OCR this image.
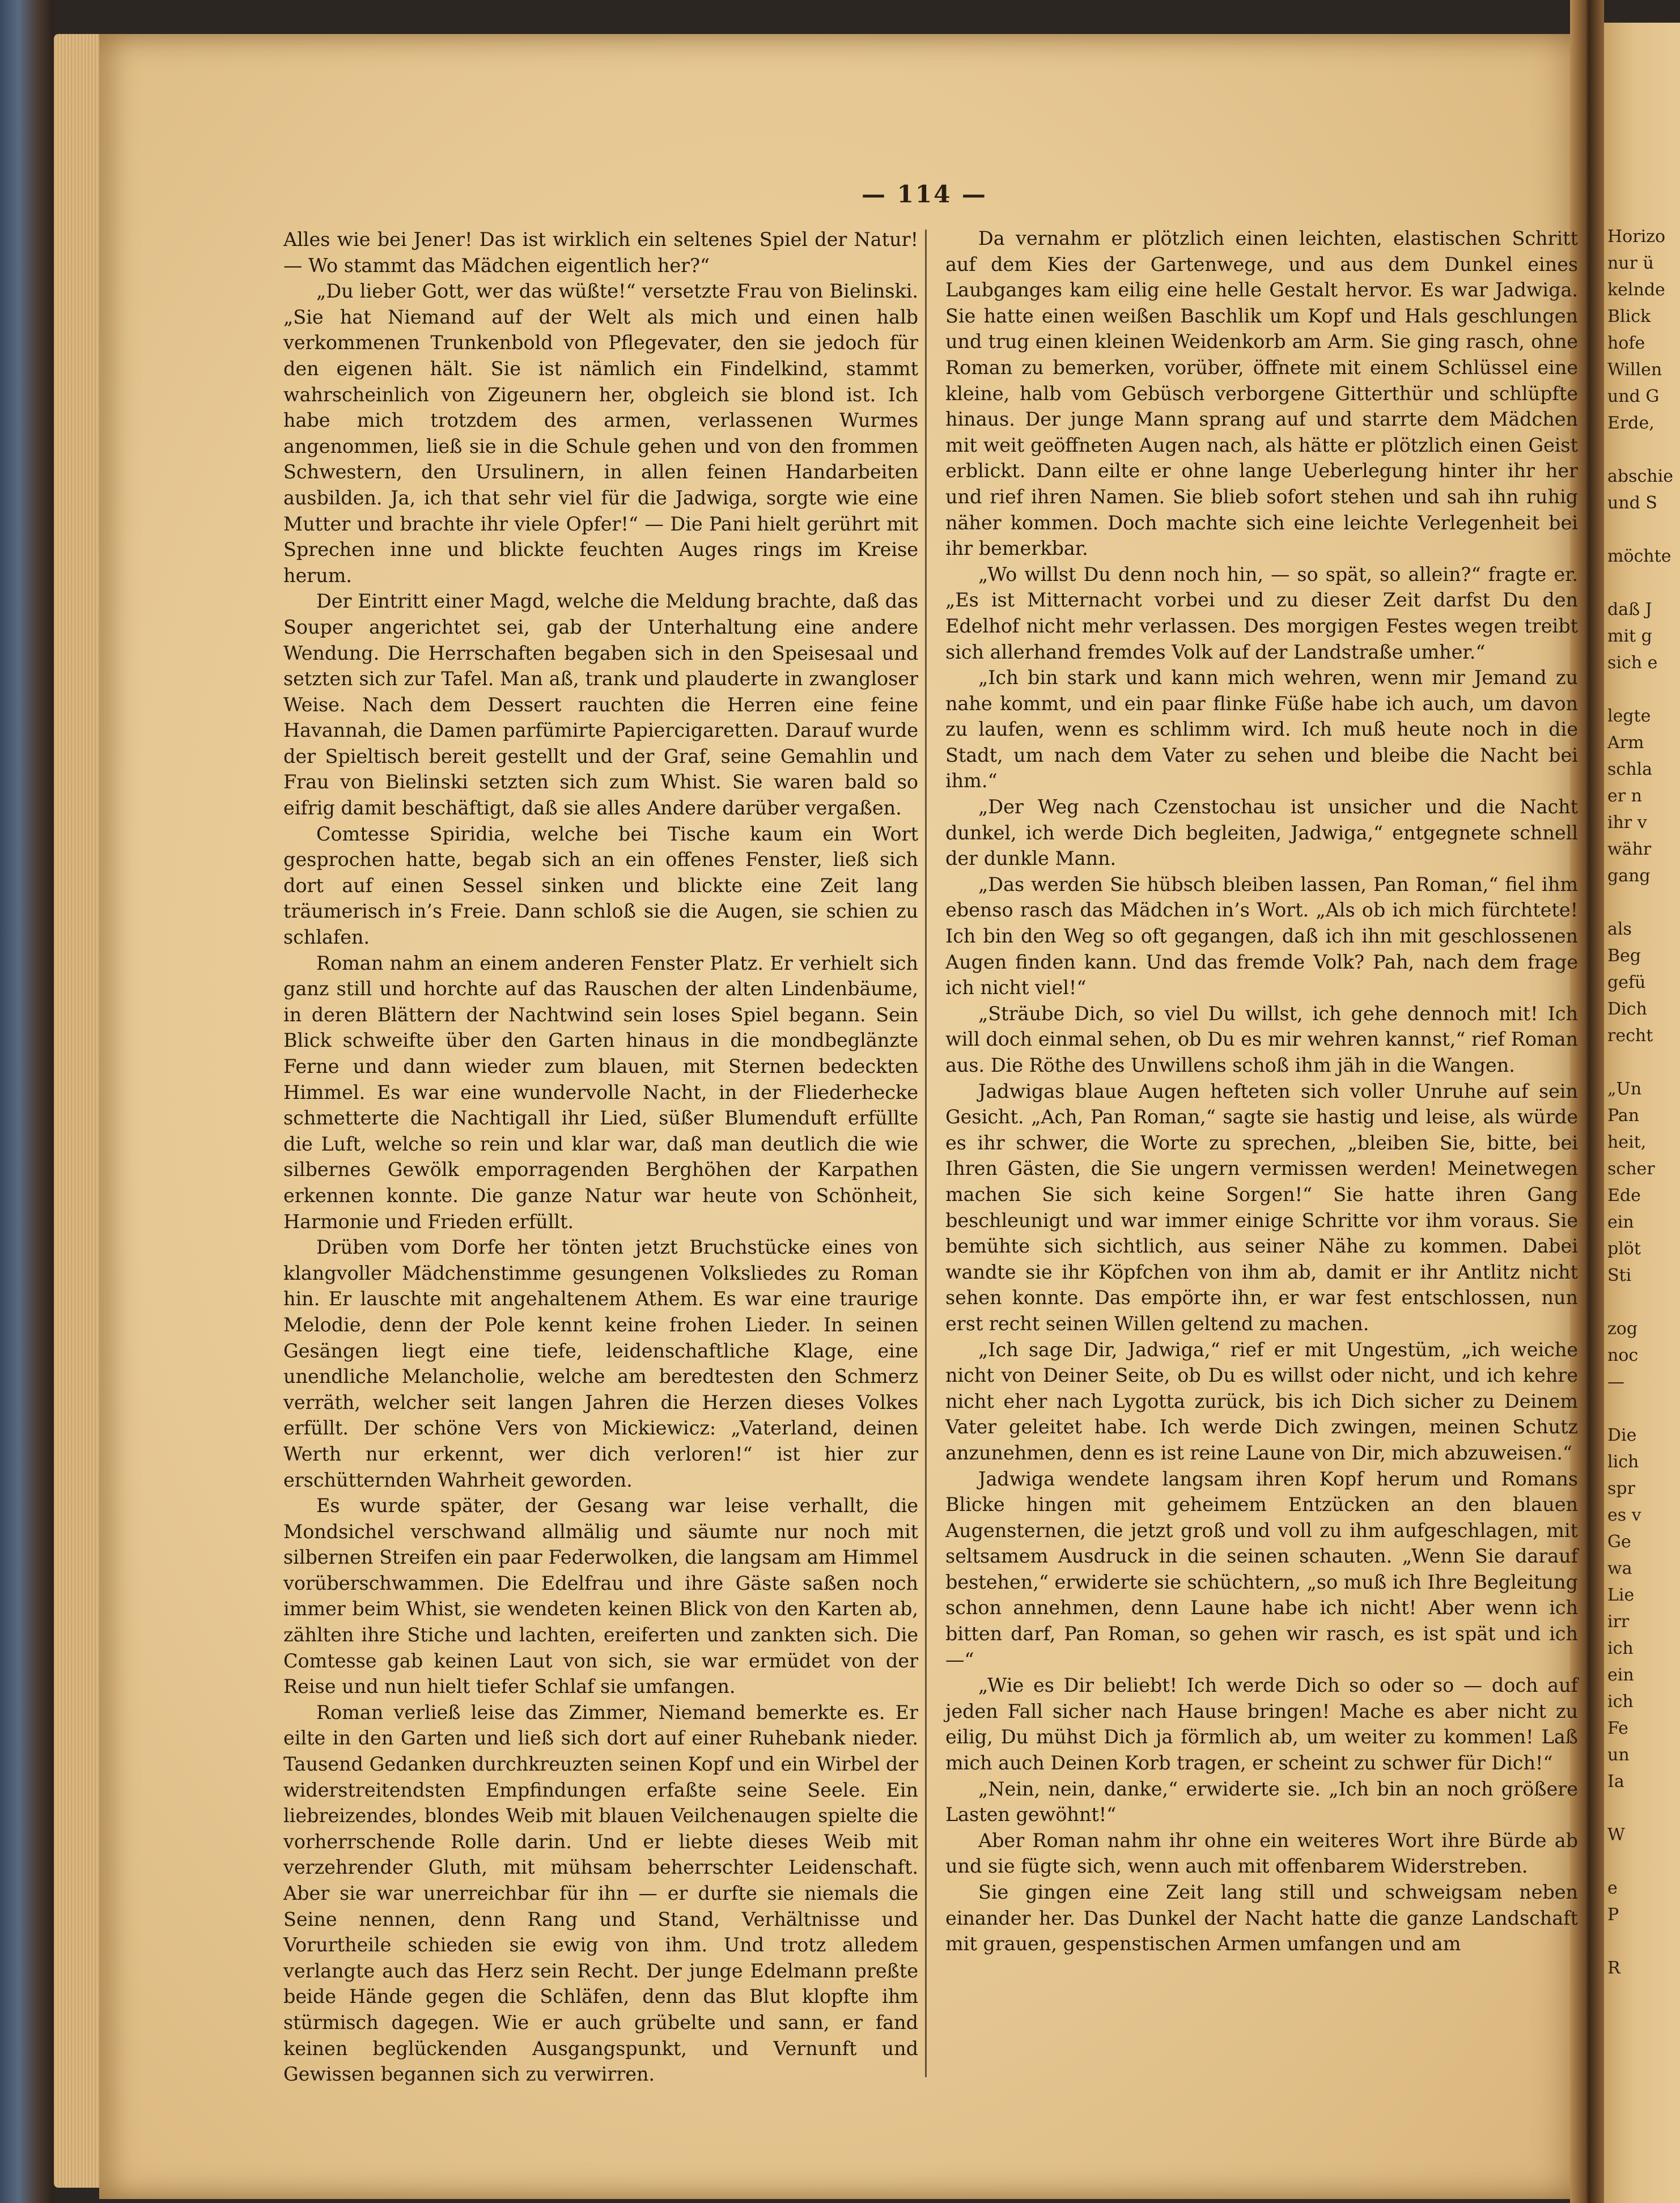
Horizo
nur ü
kelnde
Blick
hofe
Willen
und G
Erde,
abschie
und S
möchte
daß J
mit g
sich e
legte
Arm
schla
er n
ihr v
währ
gang
als
Beg
gefü
Dich
recht
„Un
Pan
heit,
scher
Ede
ein
plöt
Sti
zog
noc
—
Die
lich
spr
es v
Ge
wa
Lie
irr
ich
ein
ich
Fe
un
Ia
W
e
P
R
— 114 —

Alles wie bei Jener! Das ist wirklich ein seltenes Spiel der Natur! — Wo stammt das Mädchen eigentlich her?“

„Du lieber Gott, wer das wüßte!“ versetzte Frau von Bielinski. „Sie hat Niemand auf der Welt als mich und einen halb verkommenen Trunkenbold von Pflegevater, den sie jedoch für den eigenen hält. Sie ist nämlich ein Findelkind, stammt wahrscheinlich von Zigeunern her, obgleich sie blond ist. Ich habe mich trotzdem des armen, verlassenen Wurmes angenommen, ließ sie in die Schule gehen und von den frommen Schwestern, den Ursulinern, in allen feinen Handarbeiten ausbilden. Ja, ich that sehr viel für die Jadwiga, sorgte wie eine Mutter und brachte ihr viele Opfer!“ — Die Pani hielt gerührt mit Sprechen inne und blickte feuchten Auges rings im Kreise herum.

Der Eintritt einer Magd, welche die Meldung brachte, daß das Souper angerichtet sei, gab der Unterhaltung eine andere Wendung. Die Herrschaften begaben sich in den Speisesaal und setzten sich zur Tafel. Man aß, trank und plauderte in zwangloser Weise. Nach dem Dessert rauchten die Herren eine feine Havannah, die Damen parfümirte Papiercigaretten. Darauf wurde der Spieltisch bereit gestellt und der Graf, seine Gemahlin und Frau von Bielinski setzten sich zum Whist. Sie waren bald so eifrig damit beschäftigt, daß sie alles Andere darüber vergaßen.

Comtesse Spiridia, welche bei Tische kaum ein Wort gesprochen hatte, begab sich an ein offenes Fenster, ließ sich dort auf einen Sessel sinken und blickte eine Zeit lang träumerisch in’s Freie. Dann schloß sie die Augen, sie schien zu schlafen.

Roman nahm an einem anderen Fenster Platz. Er verhielt sich ganz still und horchte auf das Rauschen der alten Lindenbäume, in deren Blättern der Nachtwind sein loses Spiel begann. Sein Blick schweifte über den Garten hinaus in die mondbeglänzte Ferne und dann wieder zum blauen, mit Sternen bedeckten Himmel. Es war eine wundervolle Nacht, in der Fliederhecke schmetterte die Nachtigall ihr Lied, süßer Blumenduft erfüllte die Luft, welche so rein und klar war, daß man deutlich die wie silbernes Gewölk emporragenden Berghöhen der Karpathen erkennen konnte. Die ganze Natur war heute von Schönheit, Harmonie und Frieden erfüllt.

Drüben vom Dorfe her tönten jetzt Bruchstücke eines von klangvoller Mädchenstimme gesungenen Volksliedes zu Roman hin. Er lauschte mit angehaltenem Athem. Es war eine traurige Melodie, denn der Pole kennt keine frohen Lieder. In seinen Gesängen liegt eine tiefe, leidenschaftliche Klage, eine unendliche Melancholie, welche am beredtesten den Schmerz verräth, welcher seit langen Jahren die Herzen dieses Volkes erfüllt. Der schöne Vers von Mickiewicz: „Vaterland, deinen Werth nur erkennt, wer dich verloren!“ ist hier zur erschütternden Wahrheit geworden.

Es wurde später, der Gesang war leise verhallt, die Mondsichel verschwand allmälig und säumte nur noch mit silbernen Streifen ein paar Federwolken, die langsam am Himmel vorüberschwammen. Die Edelfrau und ihre Gäste saßen noch immer beim Whist, sie wendeten keinen Blick von den Karten ab, zählten ihre Stiche und lachten, ereiferten und zankten sich. Die Comtesse gab keinen Laut von sich, sie war ermüdet von der Reise und nun hielt tiefer Schlaf sie umfangen.

Roman verließ leise das Zimmer, Niemand bemerkte es. Er eilte in den Garten und ließ sich dort auf einer Ruhebank nieder. Tausend Gedanken durchkreuzten seinen Kopf und ein Wirbel der widerstreitendsten Empfindungen erfaßte seine Seele. Ein liebreizendes, blondes Weib mit blauen Veilchenaugen spielte die vorherrschende Rolle darin. Und er liebte dieses Weib mit verzehrender Gluth, mit mühsam beherrschter Leidenschaft. Aber sie war unerreichbar für ihn — er durfte sie niemals die Seine nennen, denn Rang und Stand, Verhältnisse und Vorurtheile schieden sie ewig von ihm. Und trotz alledem verlangte auch das Herz sein Recht. Der junge Edelmann preßte beide Hände gegen die Schläfen, denn das Blut klopfte ihm stürmisch dagegen. Wie er auch grübelte und sann, er fand keinen beglückenden Ausgangspunkt, und Vernunft und Gewissen begannen sich zu verwirren.

Da vernahm er plötzlich einen leichten, elastischen Schritt auf dem Kies der Gartenwege, und aus dem Dunkel eines Laubganges kam eilig eine helle Gestalt hervor. Es war Jadwiga. Sie hatte einen weißen Baschlik um Kopf und Hals geschlungen und trug einen kleinen Weidenkorb am Arm. Sie ging rasch, ohne Roman zu bemerken, vorüber, öffnete mit einem Schlüssel eine kleine, halb vom Gebüsch verborgene Gitterthür und schlüpfte hinaus. Der junge Mann sprang auf und starrte dem Mädchen mit weit geöffneten Augen nach, als hätte er plötzlich einen Geist erblickt. Dann eilte er ohne lange Ueberlegung hinter ihr her und rief ihren Namen. Sie blieb sofort stehen und sah ihn ruhig näher kommen. Doch machte sich eine leichte Verlegenheit bei ihr bemerkbar.

„Wo willst Du denn noch hin, — so spät, so allein?“ fragte er. „Es ist Mitternacht vorbei und zu dieser Zeit darfst Du den Edelhof nicht mehr verlassen. Des morgigen Festes wegen treibt sich allerhand fremdes Volk auf der Landstraße umher.“

„Ich bin stark und kann mich wehren, wenn mir Jemand zu nahe kommt, und ein paar flinke Füße habe ich auch, um davon zu laufen, wenn es schlimm wird. Ich muß heute noch in die Stadt, um nach dem Vater zu sehen und bleibe die Nacht bei ihm.“

„Der Weg nach Czenstochau ist unsicher und die Nacht dunkel, ich werde Dich begleiten, Jadwiga,“ entgegnete schnell der dunkle Mann.

„Das werden Sie hübsch bleiben lassen, Pan Roman,“ fiel ihm ebenso rasch das Mädchen in’s Wort. „Als ob ich mich fürchtete! Ich bin den Weg so oft gegangen, daß ich ihn mit geschlossenen Augen finden kann. Und das fremde Volk? Pah, nach dem frage ich nicht viel!“

„Sträube Dich, so viel Du willst, ich gehe dennoch mit! Ich will doch einmal sehen, ob Du es mir wehren kannst,“ rief Roman aus. Die Röthe des Unwillens schoß ihm jäh in die Wangen.

Jadwigas blaue Augen hefteten sich voller Unruhe auf sein Gesicht. „Ach, Pan Roman,“ sagte sie hastig und leise, als würde es ihr schwer, die Worte zu sprechen, „bleiben Sie, bitte, bei Ihren Gästen, die Sie ungern vermissen werden! Meinetwegen machen Sie sich keine Sorgen!“ Sie hatte ihren Gang beschleunigt und war immer einige Schritte vor ihm voraus. Sie bemühte sich sichtlich, aus seiner Nähe zu kommen. Dabei wandte sie ihr Köpfchen von ihm ab, damit er ihr Antlitz nicht sehen konnte. Das empörte ihn, er war fest entschlossen, nun erst recht seinen Willen geltend zu machen.

„Ich sage Dir, Jadwiga,“ rief er mit Ungestüm, „ich weiche nicht von Deiner Seite, ob Du es willst oder nicht, und ich kehre nicht eher nach Lygotta zurück, bis ich Dich sicher zu Deinem Vater geleitet habe. Ich werde Dich zwingen, meinen Schutz anzunehmen, denn es ist reine Laune von Dir, mich abzuweisen.“

Jadwiga wendete langsam ihren Kopf herum und Romans Blicke hingen mit geheimem Entzücken an den blauen Augensternen, die jetzt groß und voll zu ihm aufgeschlagen, mit seltsamem Ausdruck in die seinen schauten. „Wenn Sie darauf bestehen,“ erwiderte sie schüchtern, „so muß ich Ihre Begleitung schon annehmen, denn Laune habe ich nicht! Aber wenn ich bitten darf, Pan Roman, so gehen wir rasch, es ist spät und ich —“

„Wie es Dir beliebt! Ich werde Dich so oder so — doch auf jeden Fall sicher nach Hause bringen! Mache es aber nicht zu eilig, Du mühst Dich ja förmlich ab, um weiter zu kommen! Laß mich auch Deinen Korb tragen, er scheint zu schwer für Dich!“

„Nein, nein, danke,“ erwiderte sie. „Ich bin an noch größere Lasten gewöhnt!“

Aber Roman nahm ihr ohne ein weiteres Wort ihre Bürde ab und sie fügte sich, wenn auch mit offenbarem Widerstreben.

Sie gingen eine Zeit lang still und schweigsam neben einander her. Das Dunkel der Nacht hatte die ganze Landschaft mit grauen, gespenstischen Armen umfangen und am
